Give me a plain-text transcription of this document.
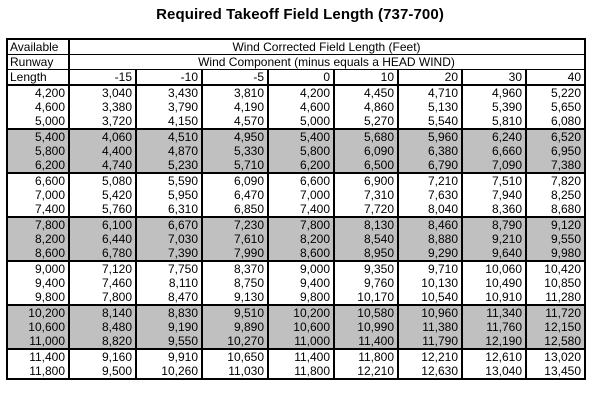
Required Takeoff Field Length (737-700)
Available	Wind Corrected Field Length (Feet)							
Runway	Wind Component (minus equals a HEAD WIND)							
Length	-15	-10	-5	0	10	20	30	40
4,200	3,040	3,430	3,810	4,200	4,450	4,710	4,960	5,220
4,600	3,380	3,790	4,190	4,600	4,860	5,130	5,390	5,650
5,000	3,720	4,150	4,570	5,000	5,270	5,540	5,810	6,080
5,400	4,060	4,510	4,950	5,400	5,680	5,960	6,240	6,520
5,800	4,400	4,870	5,330	5,800	6,090	6,380	6,660	6,950
6,200	4,740	5,230	5,710	6,200	6,500	6,790	7,090	7,380
6,600	5,080	5,590	6,090	6,600	6,900	7,210	7,510	7,820
7,000	5,420	5,950	6,470	7,000	7,310	7,630	7,940	8,250
7,400	5,760	6,310	6,850	7,400	7,720	8,040	8,360	8,680
7,800	6,100	6,670	7,230	7,800	8,130	8,460	8,790	9,120
8,200	6,440	7,030	7,610	8,200	8,540	8,880	9,210	9,550
8,600	6,780	7,390	7,990	8,600	8,950	9,290	9,640	9,980
9,000	7,120	7,750	8,370	9,000	9,350	9,710	10,060	10,420
9,400	7,460	8,110	8,750	9,400	9,760	10,130	10,490	10,850
9,800	7,800	8,470	9,130	9,800	10,170	10,540	10,910	11,280
10,200	8,140	8,830	9,510	10,200	10,580	10,960	11,340	11,720
10,600	8,480	9,190	9,890	10,600	10,990	11,380	11,760	12,150
11,000	8,820	9,550	10,270	11,000	11,400	11,790	12,190	12,580
11,400	9,160	9,910	10,650	11,400	11,800	12,210	12,610	13,020
11,800	9,500	10,260	11,030	11,800	12,210	12,630	13,040	13,450
